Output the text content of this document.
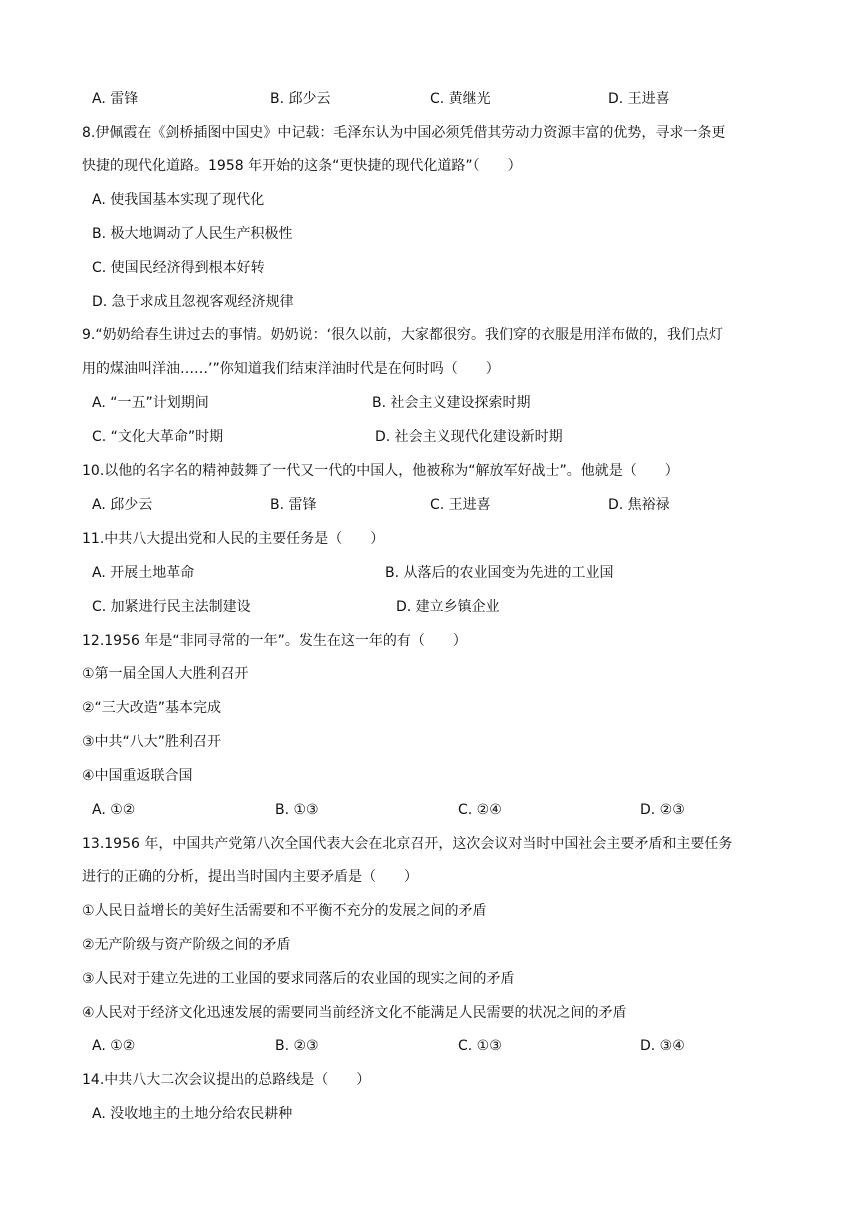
A. 雷锋	B. 邱少云	C. 黄继光	D. 王进喜
8.伊佩霞在《剑桥插图中国史》中记载：毛泽东认为中国必须凭借其劳动力资源丰富的优势，寻求一条更
快捷的现代化道路。1958 年开始的这条“更快捷的现代化道路”（　　）
A. 使我国基本实现了现代化
B. 极大地调动了人民生产积极性
C. 使国民经济得到根本好转
D. 急于求成且忽视客观经济规律
9.“奶奶给春生讲过去的事情。奶奶说：‘很久以前，大家都很穷。我们穿的衣服是用洋布做的，我们点灯
用的煤油叫洋油……’”你知道我们结束洋油时代是在何时吗（　　）
A. “一五”计划期间	B. 社会主义建设探索时期
C. “文化大革命”时期	D. 社会主义现代化建设新时期
10.以他的名字名的精神鼓舞了一代又一代的中国人，他被称为“解放军好战士”。他就是（　　）
A. 邱少云	B. 雷锋	C. 王进喜	D. 焦裕禄
11.中共八大提出党和人民的主要任务是（　　）
A. 开展土地革命	B. 从落后的农业国变为先进的工业国
C. 加紧进行民主法制建设	D. 建立乡镇企业
12.1956 年是“非同寻常的一年”。发生在这一年的有（　　）
①第一届全国人大胜利召开
②“三大改造”基本完成
③中共“八大”胜利召开
④中国重返联合国
A. ①②	B. ①③	C. ②④	D. ②③
13.1956 年，中国共产党第八次全国代表大会在北京召开，这次会议对当时中国社会主要矛盾和主要任务
进行的正确的分析，提出当时国内主要矛盾是（　　）
①人民日益增长的美好生活需要和不平衡不充分的发展之间的矛盾
②无产阶级与资产阶级之间的矛盾
③人民对于建立先进的工业国的要求同落后的农业国的现实之间的矛盾
④人民对于经济文化迅速发展的需要同当前经济文化不能满足人民需要的状况之间的矛盾
A. ①②	B. ②③	C. ①③	D. ③④
14.中共八大二次会议提出的总路线是（　　）
A. 没收地主的土地分给农民耕种
